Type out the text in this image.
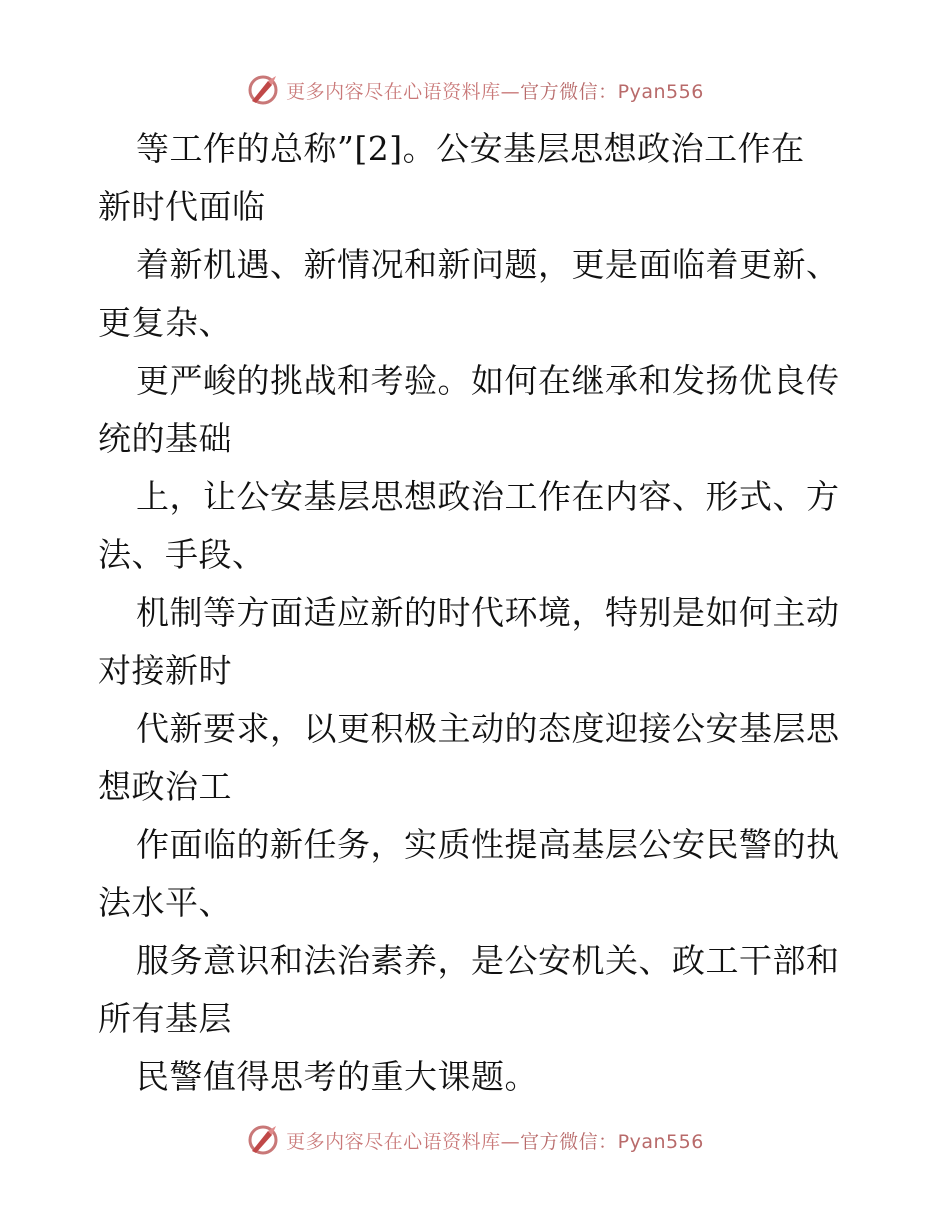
更多内容尽在心语资料库—官方微信：Pyan556
等工作的总称”[2]。公安基层思想政治工作在
新时代面临
着新机遇、新情况和新问题，更是面临着更新、
更复杂、
更严峻的挑战和考验。如何在继承和发扬优良传
统的基础
上，让公安基层思想政治工作在内容、形式、方
法、手段、
机制等方面适应新的时代环境，特别是如何主动
对接新时
代新要求，以更积极主动的态度迎接公安基层思
想政治工
作面临的新任务，实质性提高基层公安民警的执
法水平、
服务意识和法治素养，是公安机关、政工干部和
所有基层
民警值得思考的重大课题。
更多内容尽在心语资料库—官方微信：Pyan556
